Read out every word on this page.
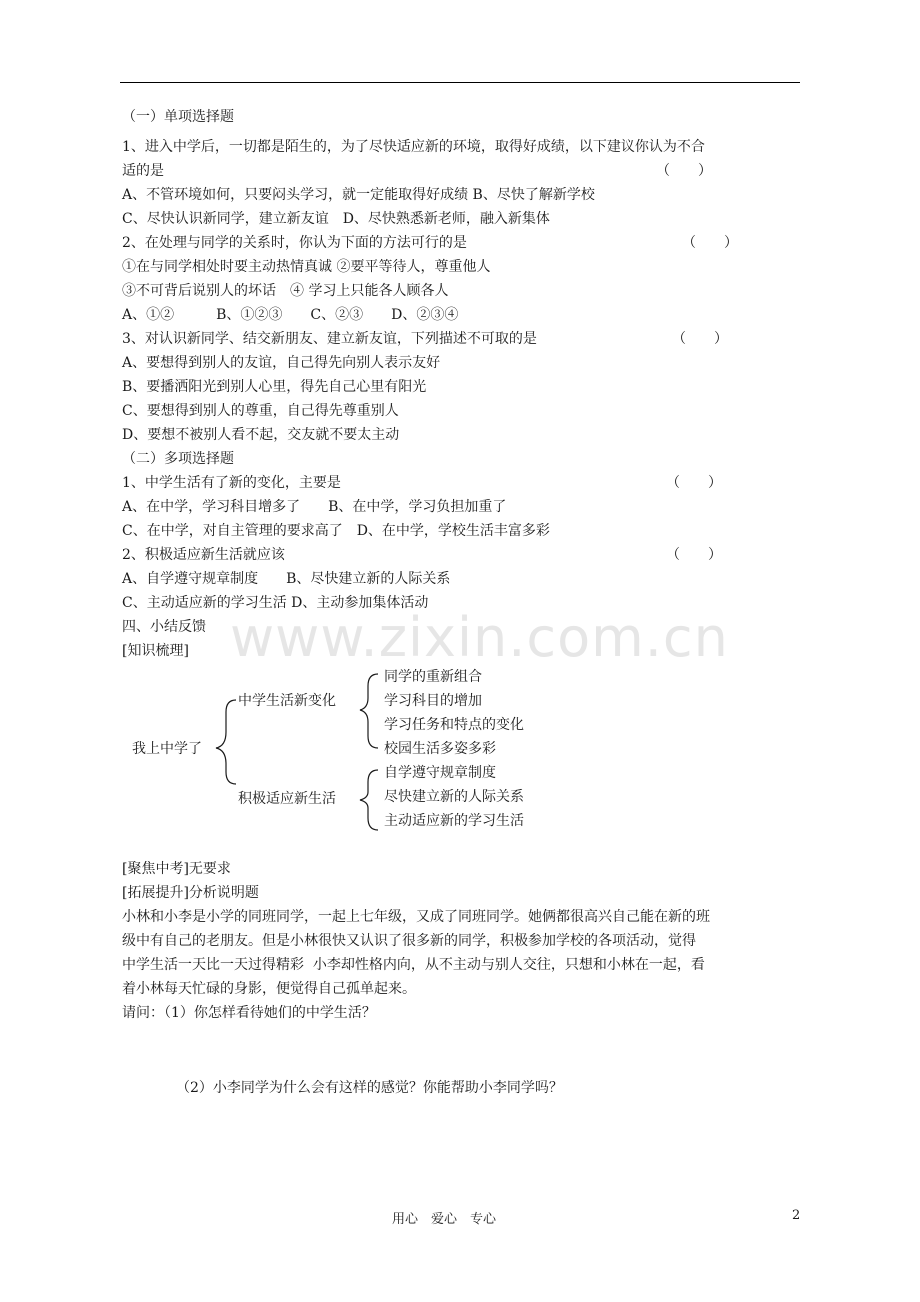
www.zixin.com.cn
（一）单项选择题
1、进入中学后，一切都是陌生的，为了尽快适应新的环境，取得好成绩，以下建议你认为不合
适的是	（　　）
A、不管环境如何，只要闷头学习，就一定能取得好成绩 B、尽快了解新学校
C、尽快认识新同学，建立新友谊　D、尽快熟悉新老师，融入新集体
2、在处理与同学的关系时，你认为下面的方法可行的是	（　　）
①在与同学相处时要主动热情真诚 ②要平等待人，尊重他人
③不可背后说别人的坏话　④ 学习上只能各人顾各人
A、①②　　　B、①②③　　C、②③　　D、②③④
3、对认识新同学、结交新朋友、建立新友谊，下列描述不可取的是	（　　）
A、要想得到别人的友谊，自己得先向别人表示友好
B、要播洒阳光到别人心里，得先自己心里有阳光
C、要想得到别人的尊重，自己得先尊重别人
D、要想不被别人看不起，交友就不要太主动
（二）多项选择题
1、中学生活有了新的变化，主要是	（　　）
A、在中学，学习科目增多了　　B、在中学，学习负担加重了
C、在中学，对自主管理的要求高了　D、在中学，学校生活丰富多彩
2、积极适应新生活就应该	（　　）
A、自学遵守规章制度　　B、尽快建立新的人际关系
C、主动适应新的学习生活 D、主动参加集体活动
四、小结反馈
[知识梳理]
我上中学了
中学生活新变化
积极适应新生活
同学的重新组合
学习科目的增加
学习任务和特点的变化
校园生活多姿多彩
自学遵守规章制度
尽快建立新的人际关系
主动适应新的学习生活
[聚焦中考]无要求
[拓展提升]分析说明题
小林和小李是小学的同班同学，一起上七年级，又成了同班同学。她俩都很高兴自己能在新的班
级中有自己的老朋友。但是小林很快又认识了很多新的同学，积极参加学校的各项活动，觉得
中学生活一天比一天过得精彩  小李却性格内向，从不主动与别人交往，只想和小林在一起，看
着小林每天忙碌的身影，便觉得自己孤单起来。
请问：（1）你怎样看待她们的中学生活？
（2）小李同学为什么会有这样的感觉？你能帮助小李同学吗？
用心　爱心　专心	2
